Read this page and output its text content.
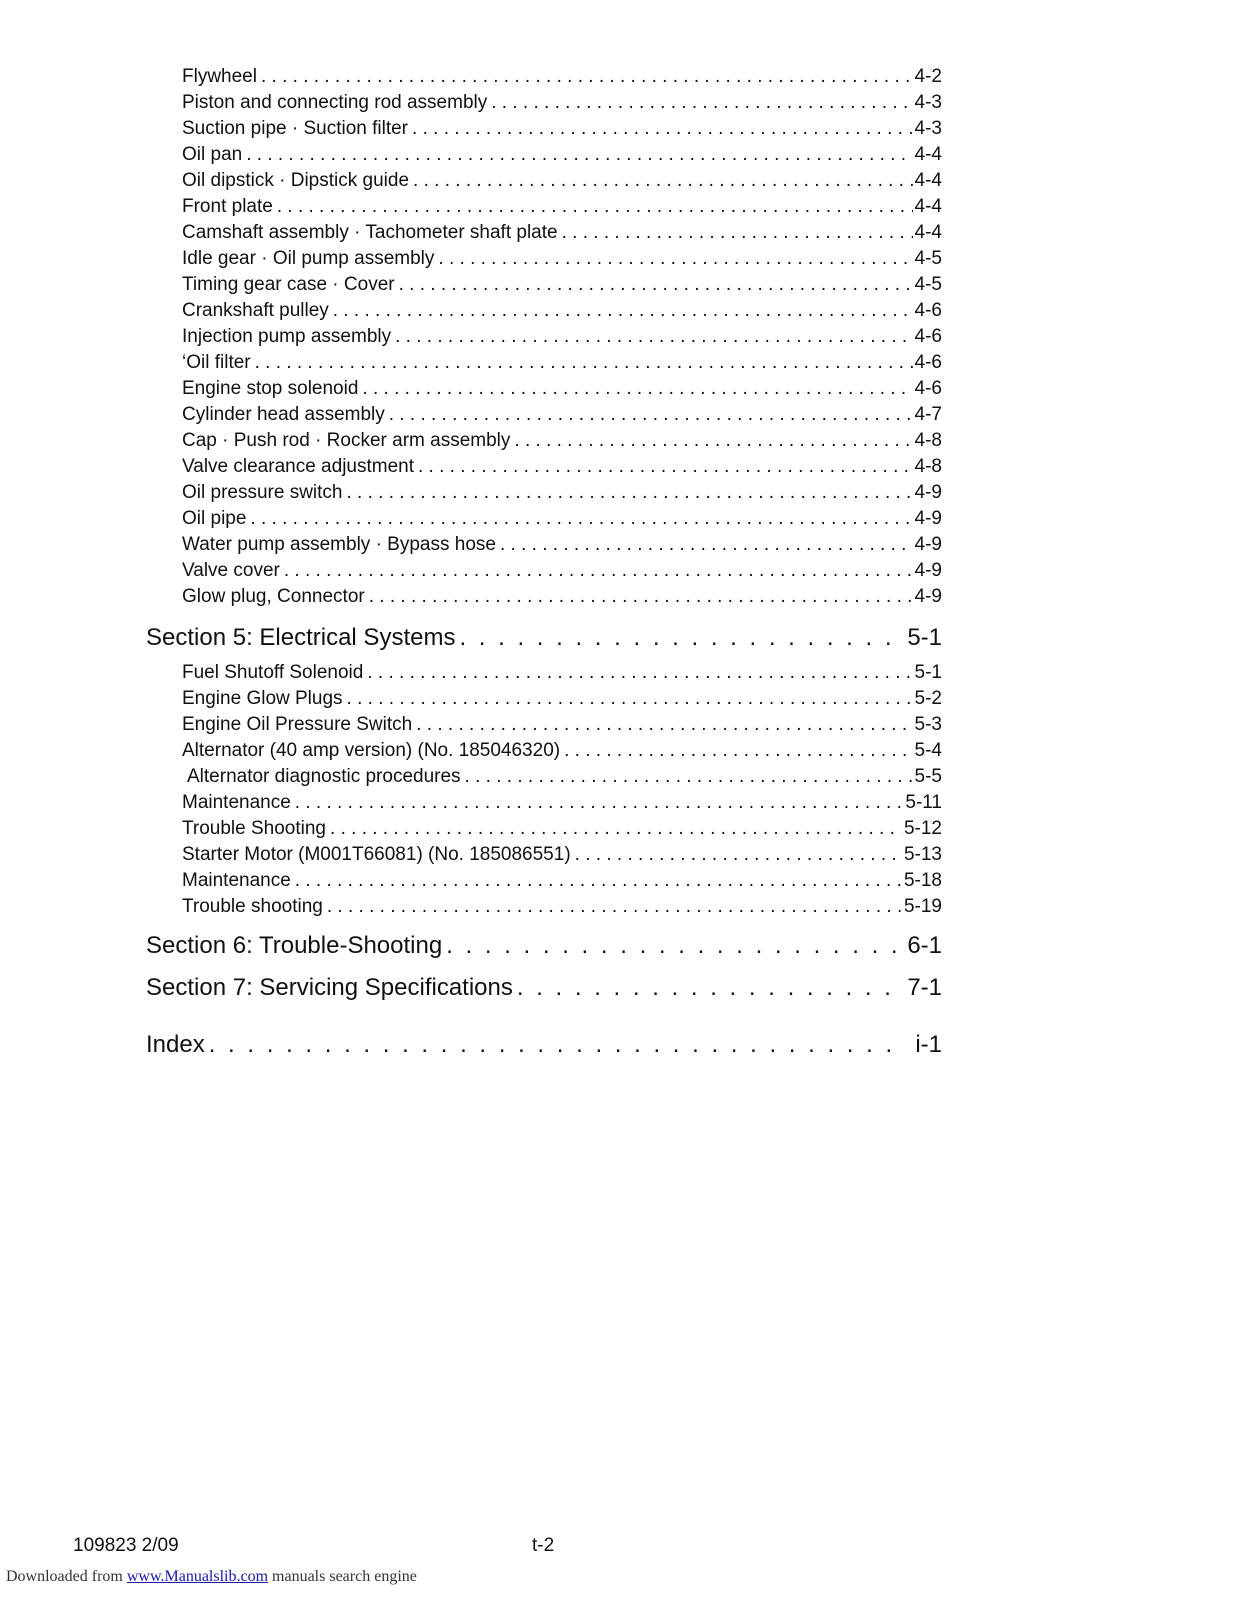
Flywheel . . .	4-2
Piston and connecting rod assembly . . .	4-3
Suction pipe · Suction filter . . .	4-3
Oil pan . . .	4-4
Oil dipstick · Dipstick guide . . .	4-4
Front plate . . .	4-4
Camshaft assembly · Tachometer shaft plate . . .	4-4
Idle gear · Oil pump assembly . . .	4-5
Timing gear case · Cover . . .	4-5
Crankshaft pulley . . .	4-6
Injection pump assembly . . .	4-6
‘Oil filter . . .	4-6
Engine stop solenoid . . .	4-6
Cylinder head assembly . . .	4-7
Cap · Push rod · Rocker arm assembly . . .	4-8
Valve clearance adjustment . . .	4-8
Oil pressure switch . . .	4-9
Oil pipe . . .	4-9
Water pump assembly · Bypass hose . . .	4-9
Valve cover . . .	4-9
Glow plug, Connector . . .	4-9
Section 5: Electrical Systems . . .	5-1
Fuel Shutoff Solenoid . . .	5-1
Engine Glow Plugs . . .	5-2
Engine Oil Pressure Switch . . .	5-3
Alternator (40 amp version) (No. 185046320) . . .	5-4
Alternator diagnostic procedures . . .	5-5
Maintenance . . .	5-11
Trouble Shooting . . .	5-12
Starter Motor (M001T66081) (No. 185086551) . . .	5-13
Maintenance . . .	5-18
Trouble shooting . . .	5-19
Section 6: Trouble-Shooting . . .	6-1
Section 7: Servicing Specifications . . .	7-1
Index . . .	i-1
109823 2/09	t-2
Downloaded from www.Manualslib.com manuals search engine
